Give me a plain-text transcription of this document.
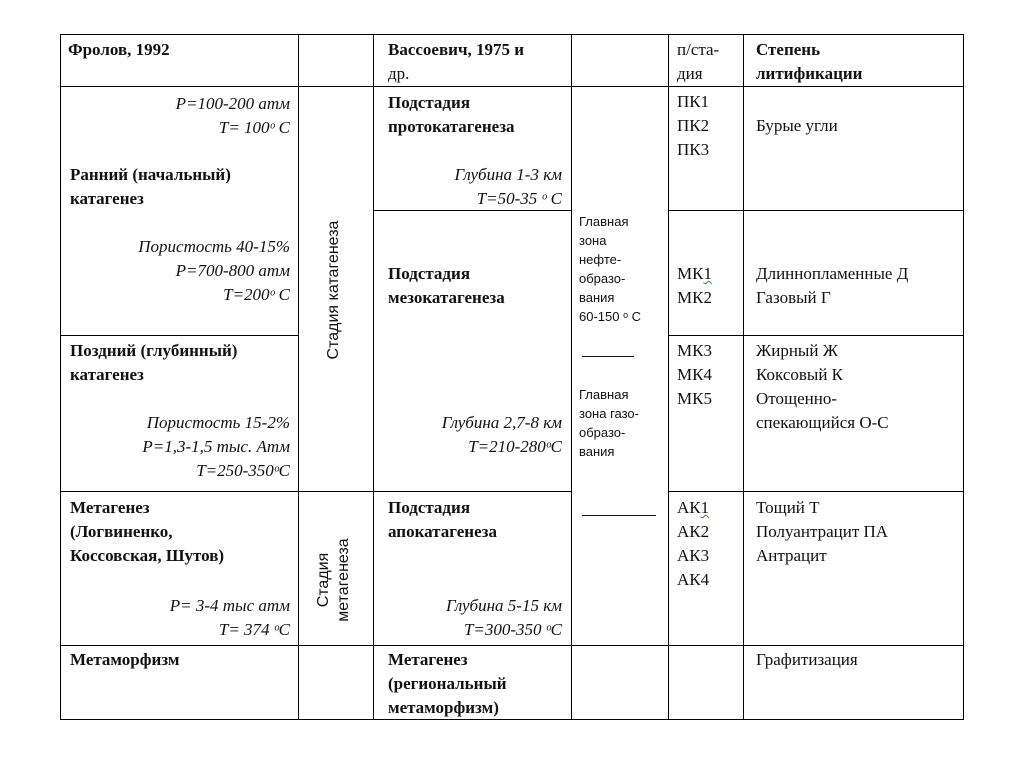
Фролов, 1992	Вассоевич, 1975 и
др.
п/ста-
дия
Степень
литификации
Р=100-200 атм
Т= 100ᵒ С
Ранний (начальный)
катагенез
Пористость 40-15%
Р=700-800 атм
Т=200ᵒ С
Поздний (глубинный)
катагенез
Пористость 15-2%
Р=1,3-1,5 тыс. Атм
Т=250-350ᵒС
Метагенез
(Логвиненко,
Коссовская, Шутов)
Р= 3-4 тыс атм
Т= 374 ᵒС
Метаморфизм
Стадия катагенеза
Стадия метагенеза
Подстадия
протокатагенеза
Глубина 1-3 км
Т=50-35 ᵒ С
Подстадия
мезокатагенеза
Глубина 2,7-8 км
Т=210-280ᵒС
Подстадия
апокатагенеза
Глубина 5-15 км
Т=300-350 ᵒС
Метагенез
(региональный
метаморфизм)
Главная
зона
нефте-
образо-
вания
60-150 ᵒ С
Главная
зона газо-
образо-
вания
ПК1
ПК2
ПК3
МК1
МК2
МК3
МК4
МК5
АК1
АК2
АК3
АК4
Бурые угли
Длиннопламенные Д
Газовый Г
Жирный Ж
Коксовый К
Отощенно-
спекающийся О-С
Тощий Т
Полуантрацит ПА
Антрацит
Графитизация
